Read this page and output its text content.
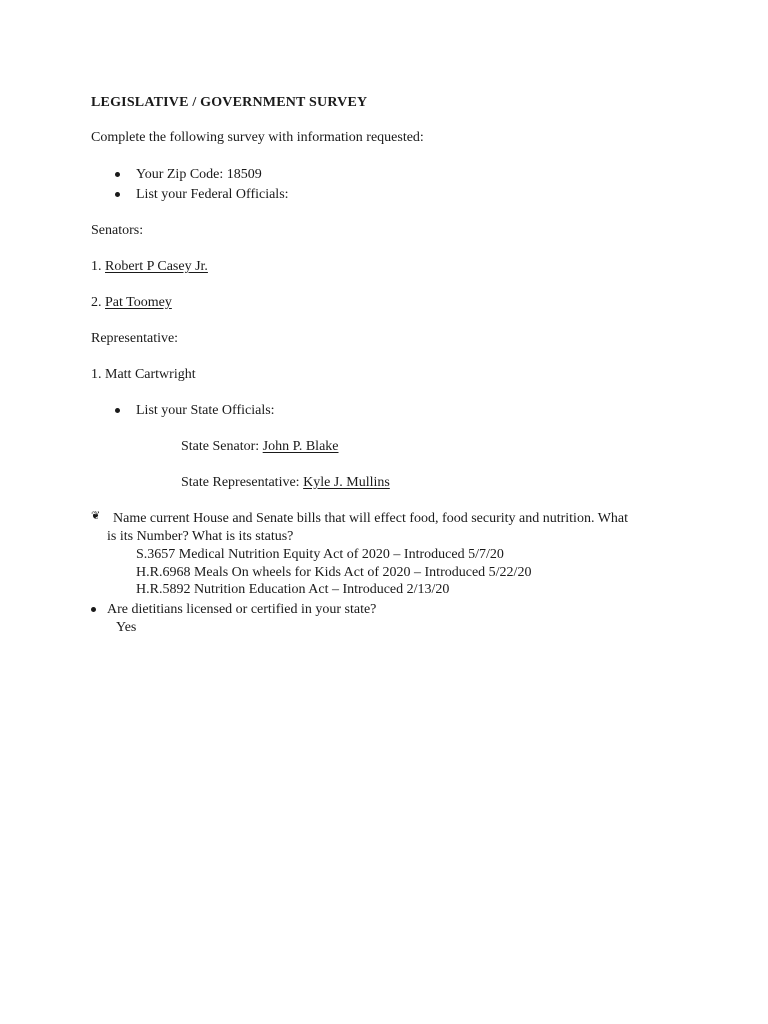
LEGISLATIVE / GOVERNMENT SURVEY
Complete the following survey with information requested:
Your Zip Code: 18509
List your Federal Officials:
Senators:
1. Robert P Casey Jr.
2. Pat Toomey
Representative:
1. Matt Cartwright
List your State Officials:
State Senator: John P. Blake
State Representative: Kyle J. Mullins
❦ Name current House and Senate bills that will effect food, food security and nutrition. What
is its Number? What is its status?
S.3657 Medical Nutrition Equity Act of 2020 – Introduced 5/7/20
H.R.6968 Meals On wheels for Kids Act of 2020 – Introduced 5/22/20
H.R.5892 Nutrition Education Act – Introduced 2/13/20
Are dietitians licensed or certified in your state?
Yes
